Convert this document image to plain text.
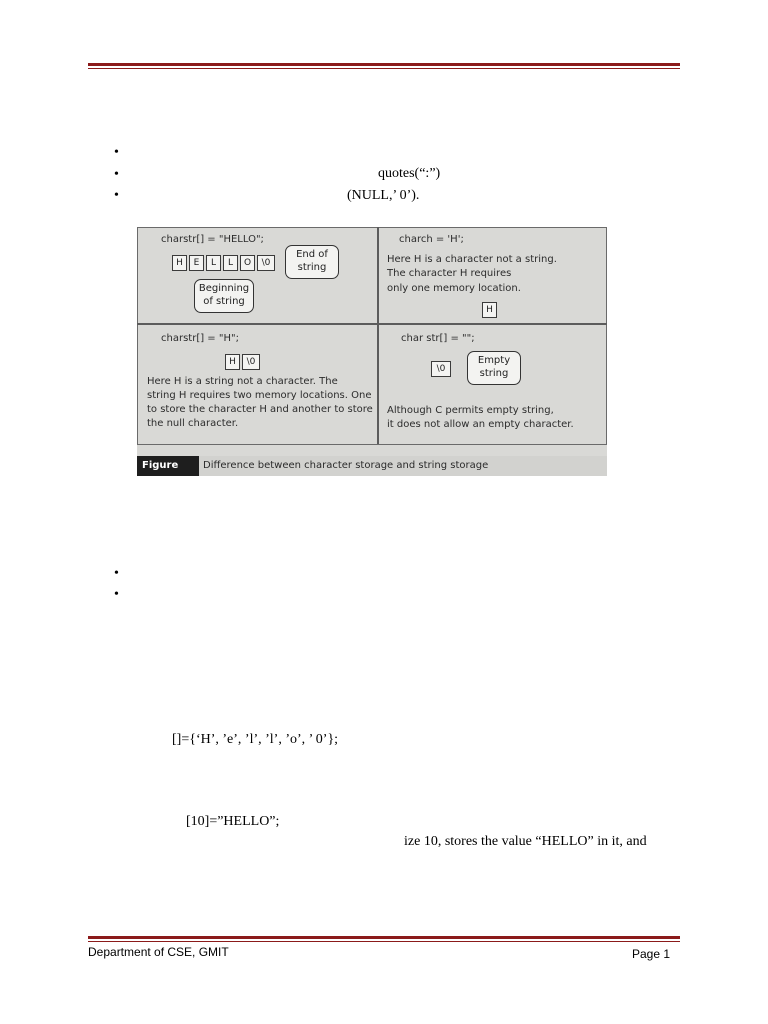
•
•
•
quotes(“:”)
(NULL,’ 0’).
charstr[] = "HELLO";
H	E	L	L	O	\0
End of
string
Beginning
of string
charch = 'H';
Here H is a character not a string.
The character H requires
only one memory location.
H
charstr[] = "H";
H	\0
Here H is a string not a character. The
string H requires two memory locations. One
to store the character H and another to store
the null character.
char str[] = "";
\0
Empty
string
Although C permits empty string,
it does not allow an empty character.
Figure 6.1
Difference between character storage and string storage
•
•
[]={‘H’, ’e’, ’l’, ’l’, ’o’, ’ 0’};
[10]=”HELLO”;
ize 10, stores the value “HELLO” in it, and
Department of CSE, GMIT	Page 1
